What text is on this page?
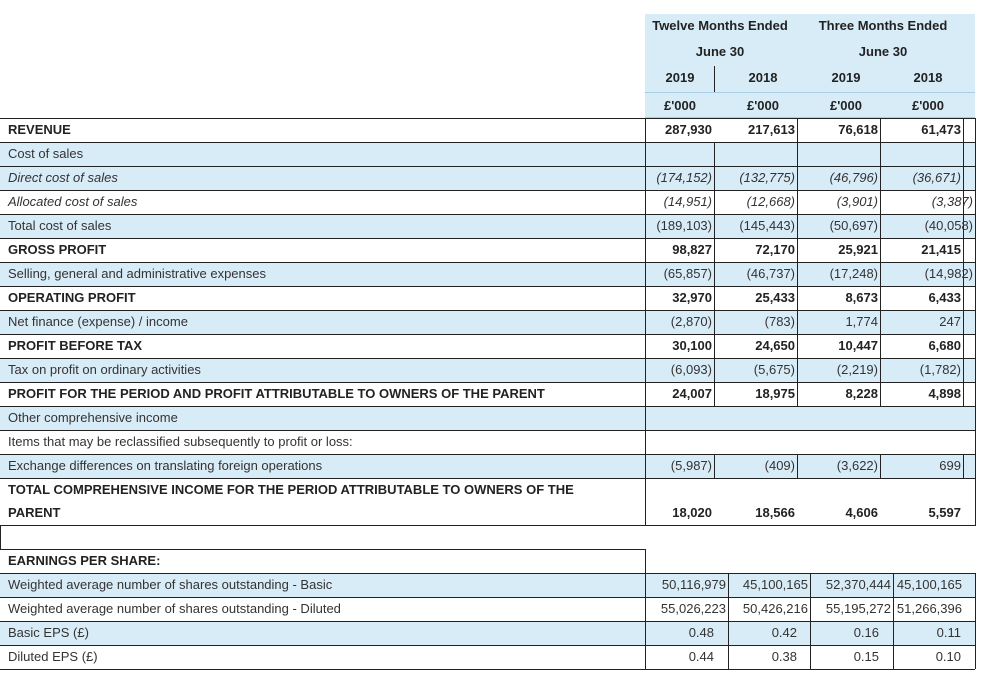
Twelve Months Ended	Three Months Ended
June 30	June 30
2019	2018	2019	2018
£'000	£'000	£'000	£'000
REVENUE	287,930	217,613	76,618	61,473
Cost of sales
Direct cost of sales	(174,152)	(132,775)	(46,796)	(36,671)
Allocated cost of sales	(14,951)	(12,668)	(3,901)	(3,387)
Total cost of sales	(189,103)	(145,443)	(50,697)	(40,058)
GROSS PROFIT	98,827	72,170	25,921	21,415
Selling, general and administrative expenses	(65,857)	(46,737)	(17,248)	(14,982)
OPERATING PROFIT	32,970	25,433	8,673	6,433
Net finance (expense) / income	(2,870)	(783)	1,774	247
PROFIT BEFORE TAX	30,100	24,650	10,447	6,680
Tax on profit on ordinary activities	(6,093)	(5,675)	(2,219)	(1,782)
PROFIT FOR THE PERIOD AND PROFIT ATTRIBUTABLE TO OWNERS OF THE PARENT	24,007	18,975	8,228	4,898
Other comprehensive income
Items that may be reclassified subsequently to profit or loss:
Exchange differences on translating foreign operations	(5,987)	(409)	(3,622)	699
TOTAL COMPREHENSIVE INCOME FOR THE PERIOD ATTRIBUTABLE TO OWNERS OF THE
PARENT	18,020	18,566	4,606	5,597
EARNINGS PER SHARE:
Weighted average number of shares outstanding - Basic	50,116,979	45,100,165	52,370,444 45,100,165
Weighted average number of shares outstanding - Diluted	55,026,223	50,426,216	55,195,272 51,266,396
Basic EPS (£)	0.48	0.42	0.16	0.11
Diluted EPS (£)	0.44	0.38	0.15	0.10
